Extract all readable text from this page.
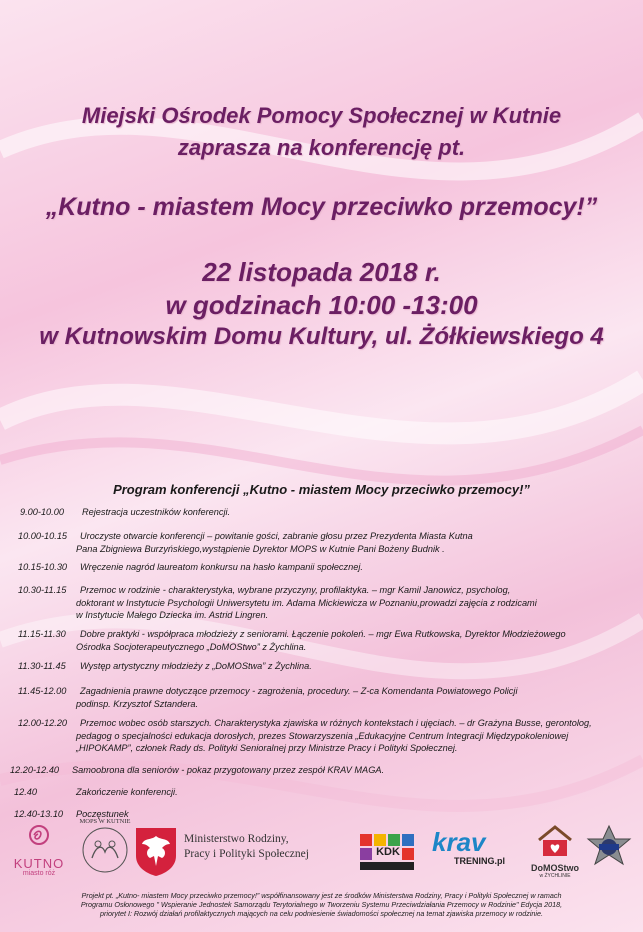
Miejski Ośrodek Pomocy Społecznej w Kutnie
zaprasza na konferencję pt.
„Kutno - miastem Mocy przeciwko przemocy!”
22 listopada 2018 r.
w godzinach 10:00 -13:00
w Kutnowskim Domu Kultury, ul. Żółkiewskiego 4
Program konferencji „Kutno - miastem Mocy przeciwko przemocy!”
9.00-10.00 Rejestracja uczestników konferencji.
10.00-10.15 Uroczyste otwarcie konferencji – powitanie gości, zabranie głosu przez Prezydenta Miasta Kutna
Pana Zbigniewa Burzyńskiego,wystąpienie Dyrektor MOPS w Kutnie Pani Bożeny Budnik .
10.15-10.30 Wręczenie nagród laureatom konkursu na hasło kampanii społecznej.
10.30-11.15 Przemoc w rodzinie - charakterystyka, wybrane przyczyny, profilaktyka. – mgr Kamil Janowicz, psycholog,
doktorant w Instytucie Psychologii Uniwersytetu im. Adama Mickiewicza w Poznaniu,prowadzi zajęcia z rodzicami
w Instytucie Małego Dziecka im. Astrid Lingren.
11.15-11.30 Dobre praktyki - współpraca młodzieży z seniorami. Łączenie pokoleń. – mgr Ewa Rutkowska, Dyrektor Młodzieżowego
Ośrodka Socjoterapeutycznego „DoMOStwo” z Żychlina.
11.30-11.45 Występ artystyczny młodzieży z „DoMOStwa” z Żychlina.
11.45-12.00 Zagadnienia prawne dotyczące przemocy - zagrożenia, procedury. – Z-ca Komendanta Powiatowego Policji
podinsp. Krzysztof Sztandera.
12.00-12.20 Przemoc wobec osób starszych. Charakterystyka zjawiska w różnych kontekstach i ujęciach. – dr Grażyna Busse, gerontolog,
pedagog o specjalności edukacja dorosłych, prezes Stowarzyszenia „Edukacyjne Centrum Integracji Międzypokoleniowej
„HIPOKAMP”, członek Rady ds. Polityki Senioralnej przy Ministrze Pracy i Polityki Społecznej.
12.20-12.40 Samoobrona dla seniorów - pokaz przygotowany przez zespół KRAV MAGA.
12.40	Zakończenie konferencji.
12.40-13.10 Poczęstunek
KUTNO
miasto róż
MOPS W KUTNIE
Ministerstwo Rodziny,
Pracy i Polityki Społecznej	KDK krav
TRENING.pl
DoMOStwo
w ŻYCHLINIE
Projekt pt. „Kutno- miastem Mocy przeciwko przemocy!” współfinansowany jest ze środków Ministerstwa Rodziny, Pracy i Polityki Społecznej w ramach
Programu Osłonowego " Wspieranie Jednostek Samorządu Terytorialnego w Tworzeniu Systemu Przeciwdziałania Przemocy w Rodzinie" Edycja 2018,
priorytet I: Rozwój działań profilaktycznych mających na celu podniesienie świadomości społecznej na temat zjawiska przemocy w rodzinie.
